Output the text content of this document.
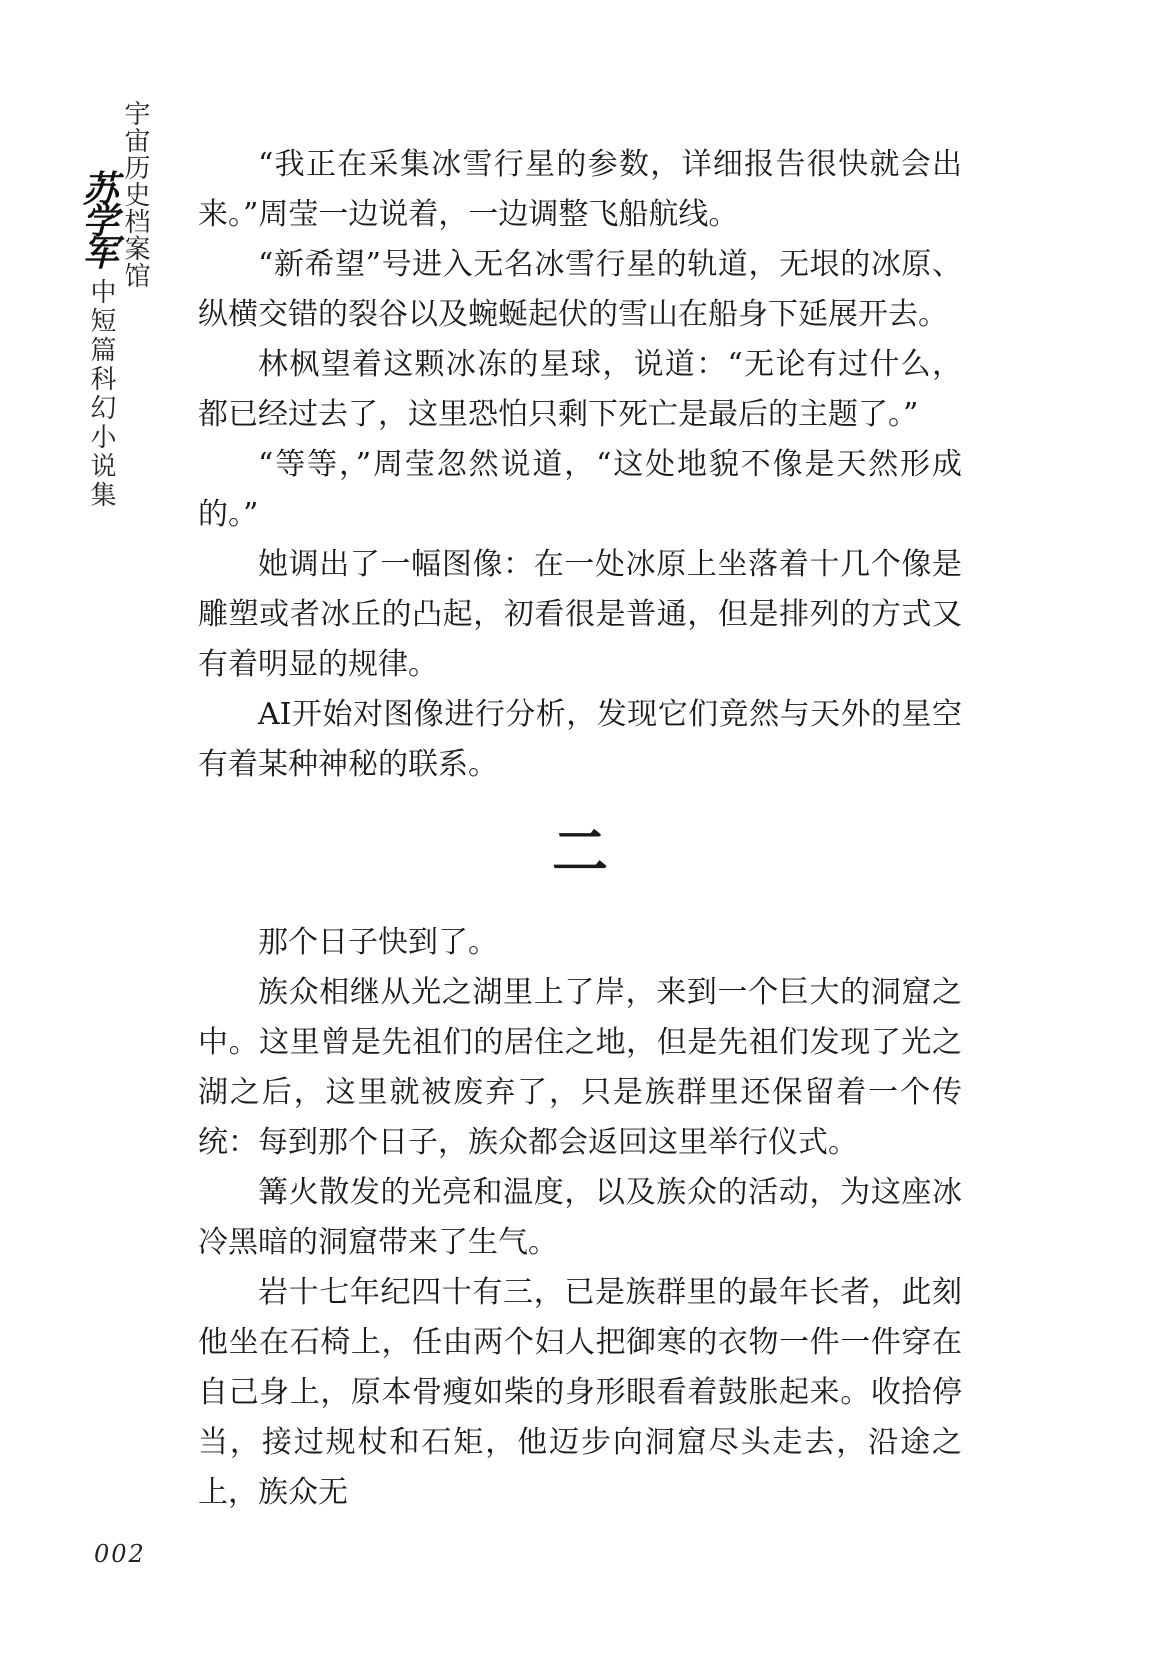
宇宙历史档案馆
苏学军
中短篇科幻小说集

“我正在采集冰雪行星的参数，详细报告很快就会出来。”周莹一边说着，一边调整飞船航线。

“新希望”号进入无名冰雪行星的轨道，无垠的冰原、纵横交错的裂谷以及蜿蜒起伏的雪山在船身下延展开去。

林枫望着这颗冰冻的星球，说道：“无论有过什么，都已经过去了，这里恐怕只剩下死亡是最后的主题了。”

“等等，”周莹忽然说道，“这处地貌不像是天然形成的。”

她调出了一幅图像：在一处冰原上坐落着十几个像是雕塑或者冰丘的凸起，初看很是普通，但是排列的方式又有着明显的规律。

AI开始对图像进行分析，发现它们竟然与天外的星空有着某种神秘的联系。

二

那个日子快到了。

族众相继从光之湖里上了岸，来到一个巨大的洞窟之中。这里曾是先祖们的居住之地，但是先祖们发现了光之湖之后，这里就被废弃了，只是族群里还保留着一个传统：每到那个日子，族众都会返回这里举行仪式。

篝火散发的光亮和温度，以及族众的活动，为这座冰冷黑暗的洞窟带来了生气。

岩十七年纪四十有三，已是族群里的最年长者，此刻他坐在石椅上，任由两个妇人把御寒的衣物一件一件穿在自己身上，原本骨瘦如柴的身形眼看着鼓胀起来。收拾停当，接过规杖和石矩，他迈步向洞窟尽头走去，沿途之上，族众无

002
